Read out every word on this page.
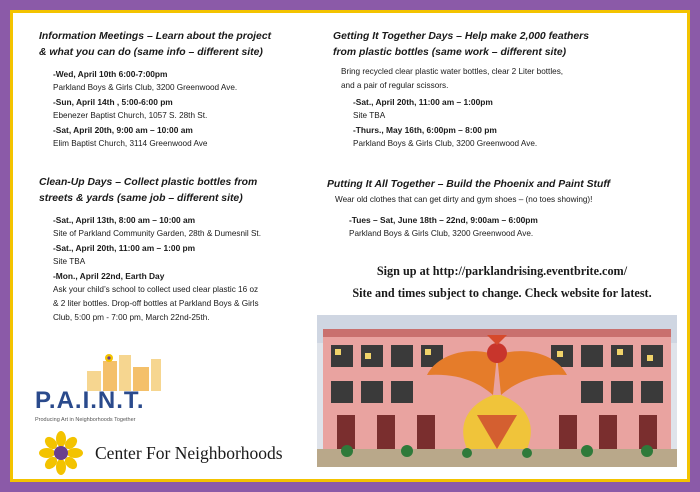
Information Meetings – Learn about the project

& what you can do (same info – different site)

-Wed, April 10th 6:00-7:00pm

Parkland Boys & Girls Club, 3200 Greenwood Ave.

-Sun, April 14th , 5:00-6:00 pm

Ebenezer Baptist Church, 1057 S. 28th St.

-Sat, April 20th, 9:00 am – 10:00 am

Elim Baptist Church, 3114 Greenwood Ave

Clean-Up Days – Collect plastic bottles from

streets & yards (same job – different site)

-Sat., April 13th, 8:00 am – 10:00 am

Site of Parkland Community Garden, 28th & Dumesnil St.

-Sat., April 20th, 11:00 am – 1:00 pm

Site TBA

-Mon., April 22nd, Earth Day

Ask your child’s school to collect used clear plastic 16 oz

& 2 liter bottles. Drop-off bottles at Parkland Boys & Girls

Club, 5:00 pm - 7:00 pm, March 22nd-25th.

P.A.I.N.T.
Producing Art in Neighborhoods Together
Center For Neighborhoods

Getting It Together Days – Help make 2,000 feathers

from plastic bottles (same work – different site)

Bring recycled clear plastic water bottles, clear 2 Liter bottles,

and a pair of regular scissors.

-Sat., April 20th, 11:00 am – 1:00pm

Site TBA

-Thurs., May 16th, 6:00pm – 8:00 pm

Parkland Boys & Girls Club, 3200 Greenwood Ave.

Putting It All Together – Build the Phoenix and Paint Stuff

Wear old clothes that can get dirty and gym shoes – (no toes showing)!

-Tues – Sat, June 18th – 22nd, 9:00am – 6:00pm

Parkland Boys & Girls Club, 3200 Greenwood Ave.

Sign up at http://parklandrising.eventbrite.com/

Site and times subject to change. Check website for latest.
